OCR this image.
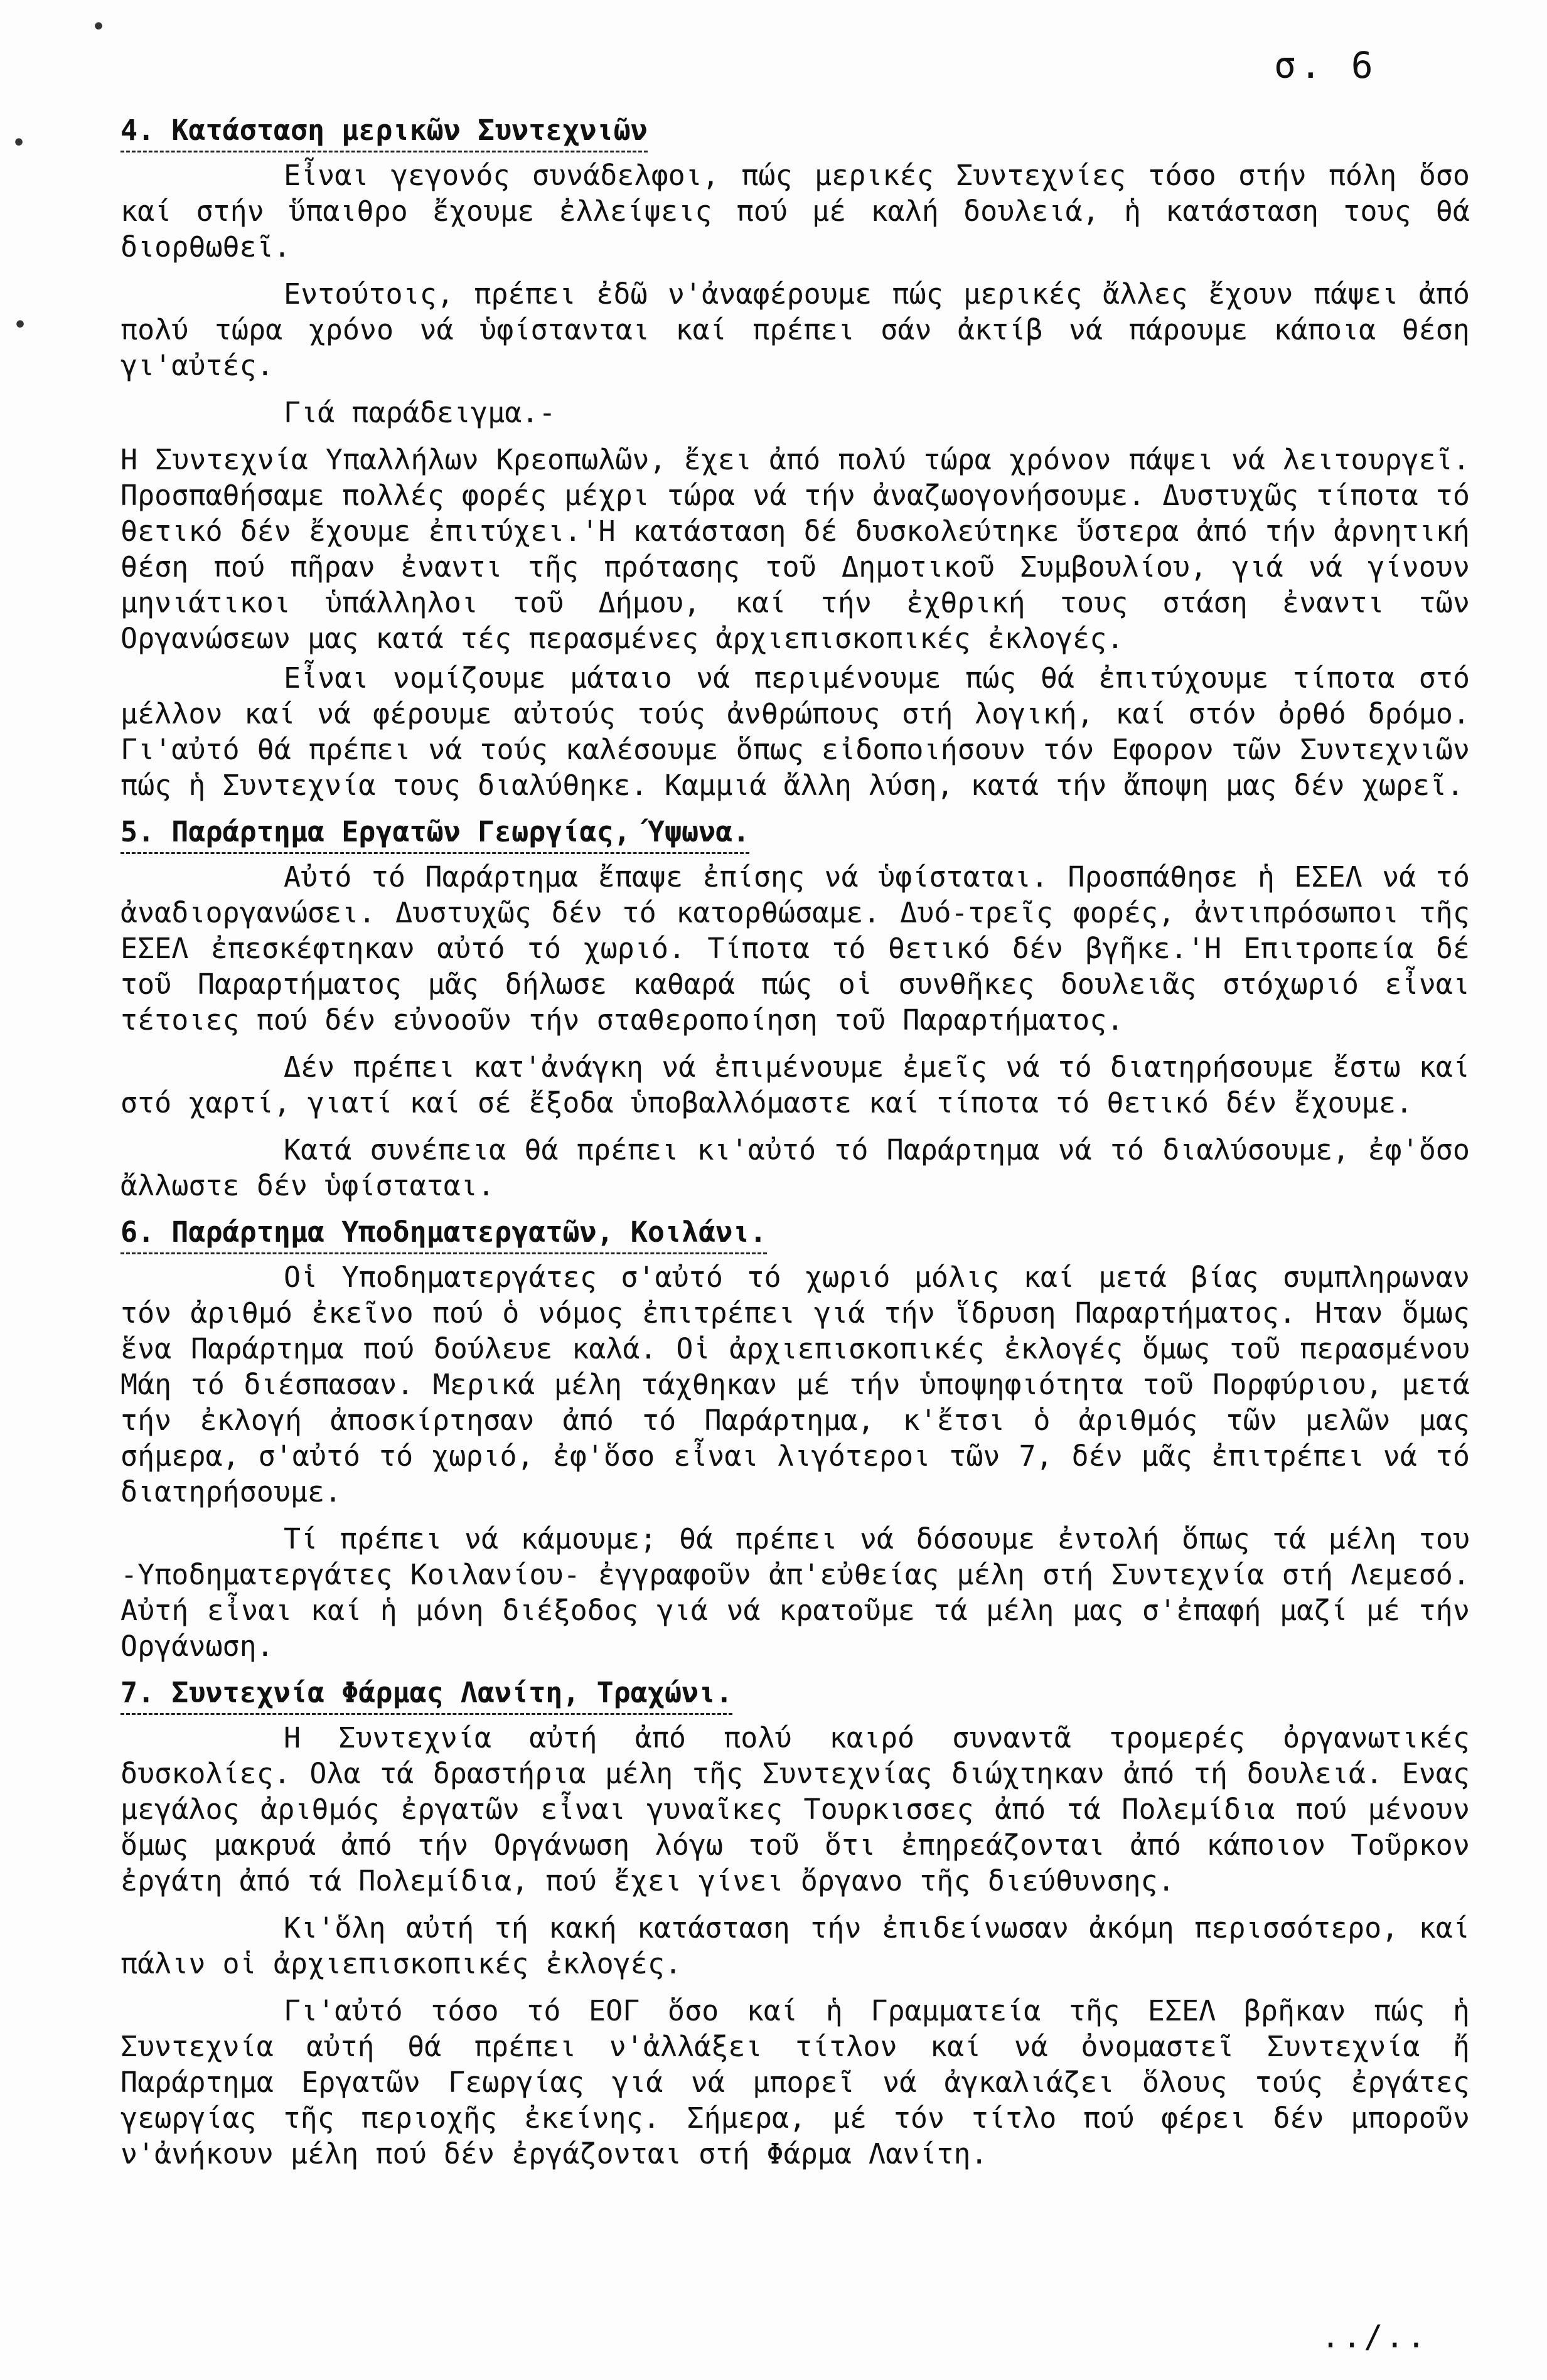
•
•
•
σ. 6
4. Κατάσταση μερικῶν Συντεχνιῶν

Εἶναι γεγονός συνάδελφοι, πώς μερικές Συντεχνίες τόσο στήν πόλη ὅσο καί στήν ὕπαιθρο ἔχουμε ἐλλείψεις πού μέ καλή δουλειά, ἡ κατάσταση τους θά διορθωθεῖ.

Εντούτοις, πρέπει ἐδῶ ν'ἀναφέρουμε πώς μερικές ἄλλες ἔχουν πάψει ἀπό πολύ τώρα χρόνο νά ὑφίστανται καί πρέπει σάν ἀκτίβ νά πάρουμε κάποια θέση γι'αὐτές.

Γιά παράδειγμα.-

Η Συντεχνία Υπαλλήλων Κρεοπωλῶν, ἔχει ἀπό πολύ τώρα χρόνον πάψει νά λειτουργεῖ. Προσπαθήσαμε πολλές φορές μέχρι τώρα νά τήν ἀναζωογονήσουμε. Δυστυχῶς τίποτα τό θετικό δέν ἔχουμε ἐπιτύχει.'Η κατάσταση δέ δυσκολεύτηκε ὕστερα ἀπό τήν ἀρνητική θέση πού πῆραν ἐναντι τῆς πρότασης τοῦ Δημοτικοῦ Συμβουλίου, γιά νά γίνουν μηνιάτικοι ὑπάλληλοι τοῦ Δήμου, καί τήν ἐχθρική τους στάση ἐναντι τῶν Οργανώσεων μας κατά τές περασμένες ἀρχιεπισκοπικές ἐκλογές.

Εἶναι νομίζουμε μάταιο νά περιμένουμε πώς θά ἐπιτύχουμε τίποτα στό μέλλον καί νά φέρουμε αὐτούς τούς ἀνθρώπους στή λογική, καί στόν ὀρθό δρόμο. Γι'αὐτό θά πρέπει νά τούς καλέσουμε ὅπως εἰδοποιήσουν τόν Εφορον τῶν Συντεχνιῶν πώς ἡ Συντεχνία τους διαλύθηκε. Καμμιά ἄλλη λύση, κατά τήν ἄποψη μας δέν χωρεῖ.

5. Παράρτημα Εργατῶν Γεωργίας, Ύψωνα.

Αὐτό τό Παράρτημα ἔπαψε ἐπίσης νά ὑφίσταται. Προσπάθησε ἡ ΕΣΕΛ νά τό ἀναδιοργανώσει. Δυστυχῶς δέν τό κατορθώσαμε. Δυό-τρεῖς φορές, ἀντιπρόσωποι τῆς ΕΣΕΛ ἐπεσκέφτηκαν αὐτό τό χωριό. Τίποτα τό θετικό δέν βγῆκε.'Η Επιτροπεία δέ τοῦ Παραρτήματος μᾶς δήλωσε καθαρά πώς οἱ συνθῆκες δουλειᾶς στόχωριό εἶναι τέτοιες πού δέν εὐνοοῦν τήν σταθεροποίηση τοῦ Παραρτήματος.

Δέν πρέπει κατ'ἀνάγκη νά ἐπιμένουμε ἐμεῖς νά τό διατηρήσουμε ἔστω καί στό χαρτί, γιατί καί σέ ἔξοδα ὑποβαλλόμαστε καί τίποτα τό θετικό δέν ἔχουμε.

Κατά συνέπεια θά πρέπει κι'αὐτό τό Παράρτημα νά τό διαλύσουμε, ἐφ'ὅσο ἄλλωστε δέν ὑφίσταται.

6. Παράρτημα Υποδηματεργατῶν, Κοιλάνι.

Οἱ Υποδηματεργάτες σ'αὐτό τό χωριό μόλις καί μετά βίας συμπληρωναν τόν ἀριθμό ἐκεῖνο πού ὁ νόμος ἐπιτρέπει γιά τήν ἵδρυση Παραρτήματος. Ηταν ὅμως ἕνα Παράρτημα πού δούλευε καλά. Οἱ ἀρχιεπισκοπικές ἐκλογές ὅμως τοῦ περασμένου Μάη τό διέσπασαν. Μερικά μέλη τάχθηκαν μέ τήν ὑποψηφιότητα τοῦ Πορφύριου, μετά τήν ἐκλογή ἀποσκίρτησαν ἀπό τό Παράρτημα, κ'ἔτσι ὁ ἀριθμός τῶν μελῶν μας σήμερα, σ'αὐτό τό χωριό, ἐφ'ὅσο εἶναι λιγότεροι τῶν 7, δέν μᾶς ἐπιτρέπει νά τό διατηρήσουμε.

Τί πρέπει νά κάμουμε; θά πρέπει νά δόσουμε ἐντολή ὅπως τά μέλη του -Υποδηματεργάτες Κοιλανίου- ἐγγραφοῦν ἀπ'εὐθείας μέλη στή Συντεχνία στή Λεμεσό. Αὐτή εἶναι καί ἡ μόνη διέξοδος γιά νά κρατοῦμε τά μέλη μας σ'ἐπαφή μαζί μέ τήν Οργάνωση.

7. Συντεχνία Φάρμας Λανίτη, Τραχώνι.

Η Συντεχνία αὐτή ἀπό πολύ καιρό συναντᾶ τρομερές ὀργανωτικές δυσκολίες. Ολα τά δραστήρια μέλη τῆς Συντεχνίας διώχτηκαν ἀπό τή δουλειά. Ενας μεγάλος ἀριθμός ἐργατῶν εἶναι γυναῖκες Τουρκισσες ἀπό τά Πολεμίδια πού μένουν ὅμως μακρυά ἀπό τήν Οργάνωση λόγω τοῦ ὅτι ἐπηρεάζονται ἀπό κάποιον Τοῦρκον ἐργάτη ἀπό τά Πολεμίδια, πού ἔχει γίνει ὄργανο τῆς διεύθυνσης.

Κι'ὅλη αὐτή τή κακή κατάσταση τήν ἐπιδείνωσαν ἀκόμη περισσότερο, καί πάλιν οἱ ἀρχιεπισκοπικές ἐκλογές.

Γι'αὐτό τόσο τό ΕΟΓ ὅσο καί ἡ Γραμματεία τῆς ΕΣΕΛ βρῆκαν πώς ἡ Συντεχνία αὐτή θά πρέπει ν'ἀλλάξει τίτλον καί νά ὀνομαστεῖ Συντεχνία ἤ Παράρτημα Εργατῶν Γεωργίας γιά νά μπορεῖ νά ἀγκαλιάζει ὅλους τούς ἐργάτες γεωργίας τῆς περιοχῆς ἐκείνης. Σήμερα, μέ τόν τίτλο πού φέρει δέν μποροῦν ν'ἀνήκουν μέλη πού δέν ἐργάζονται στή Φάρμα Λανίτη.

../..
